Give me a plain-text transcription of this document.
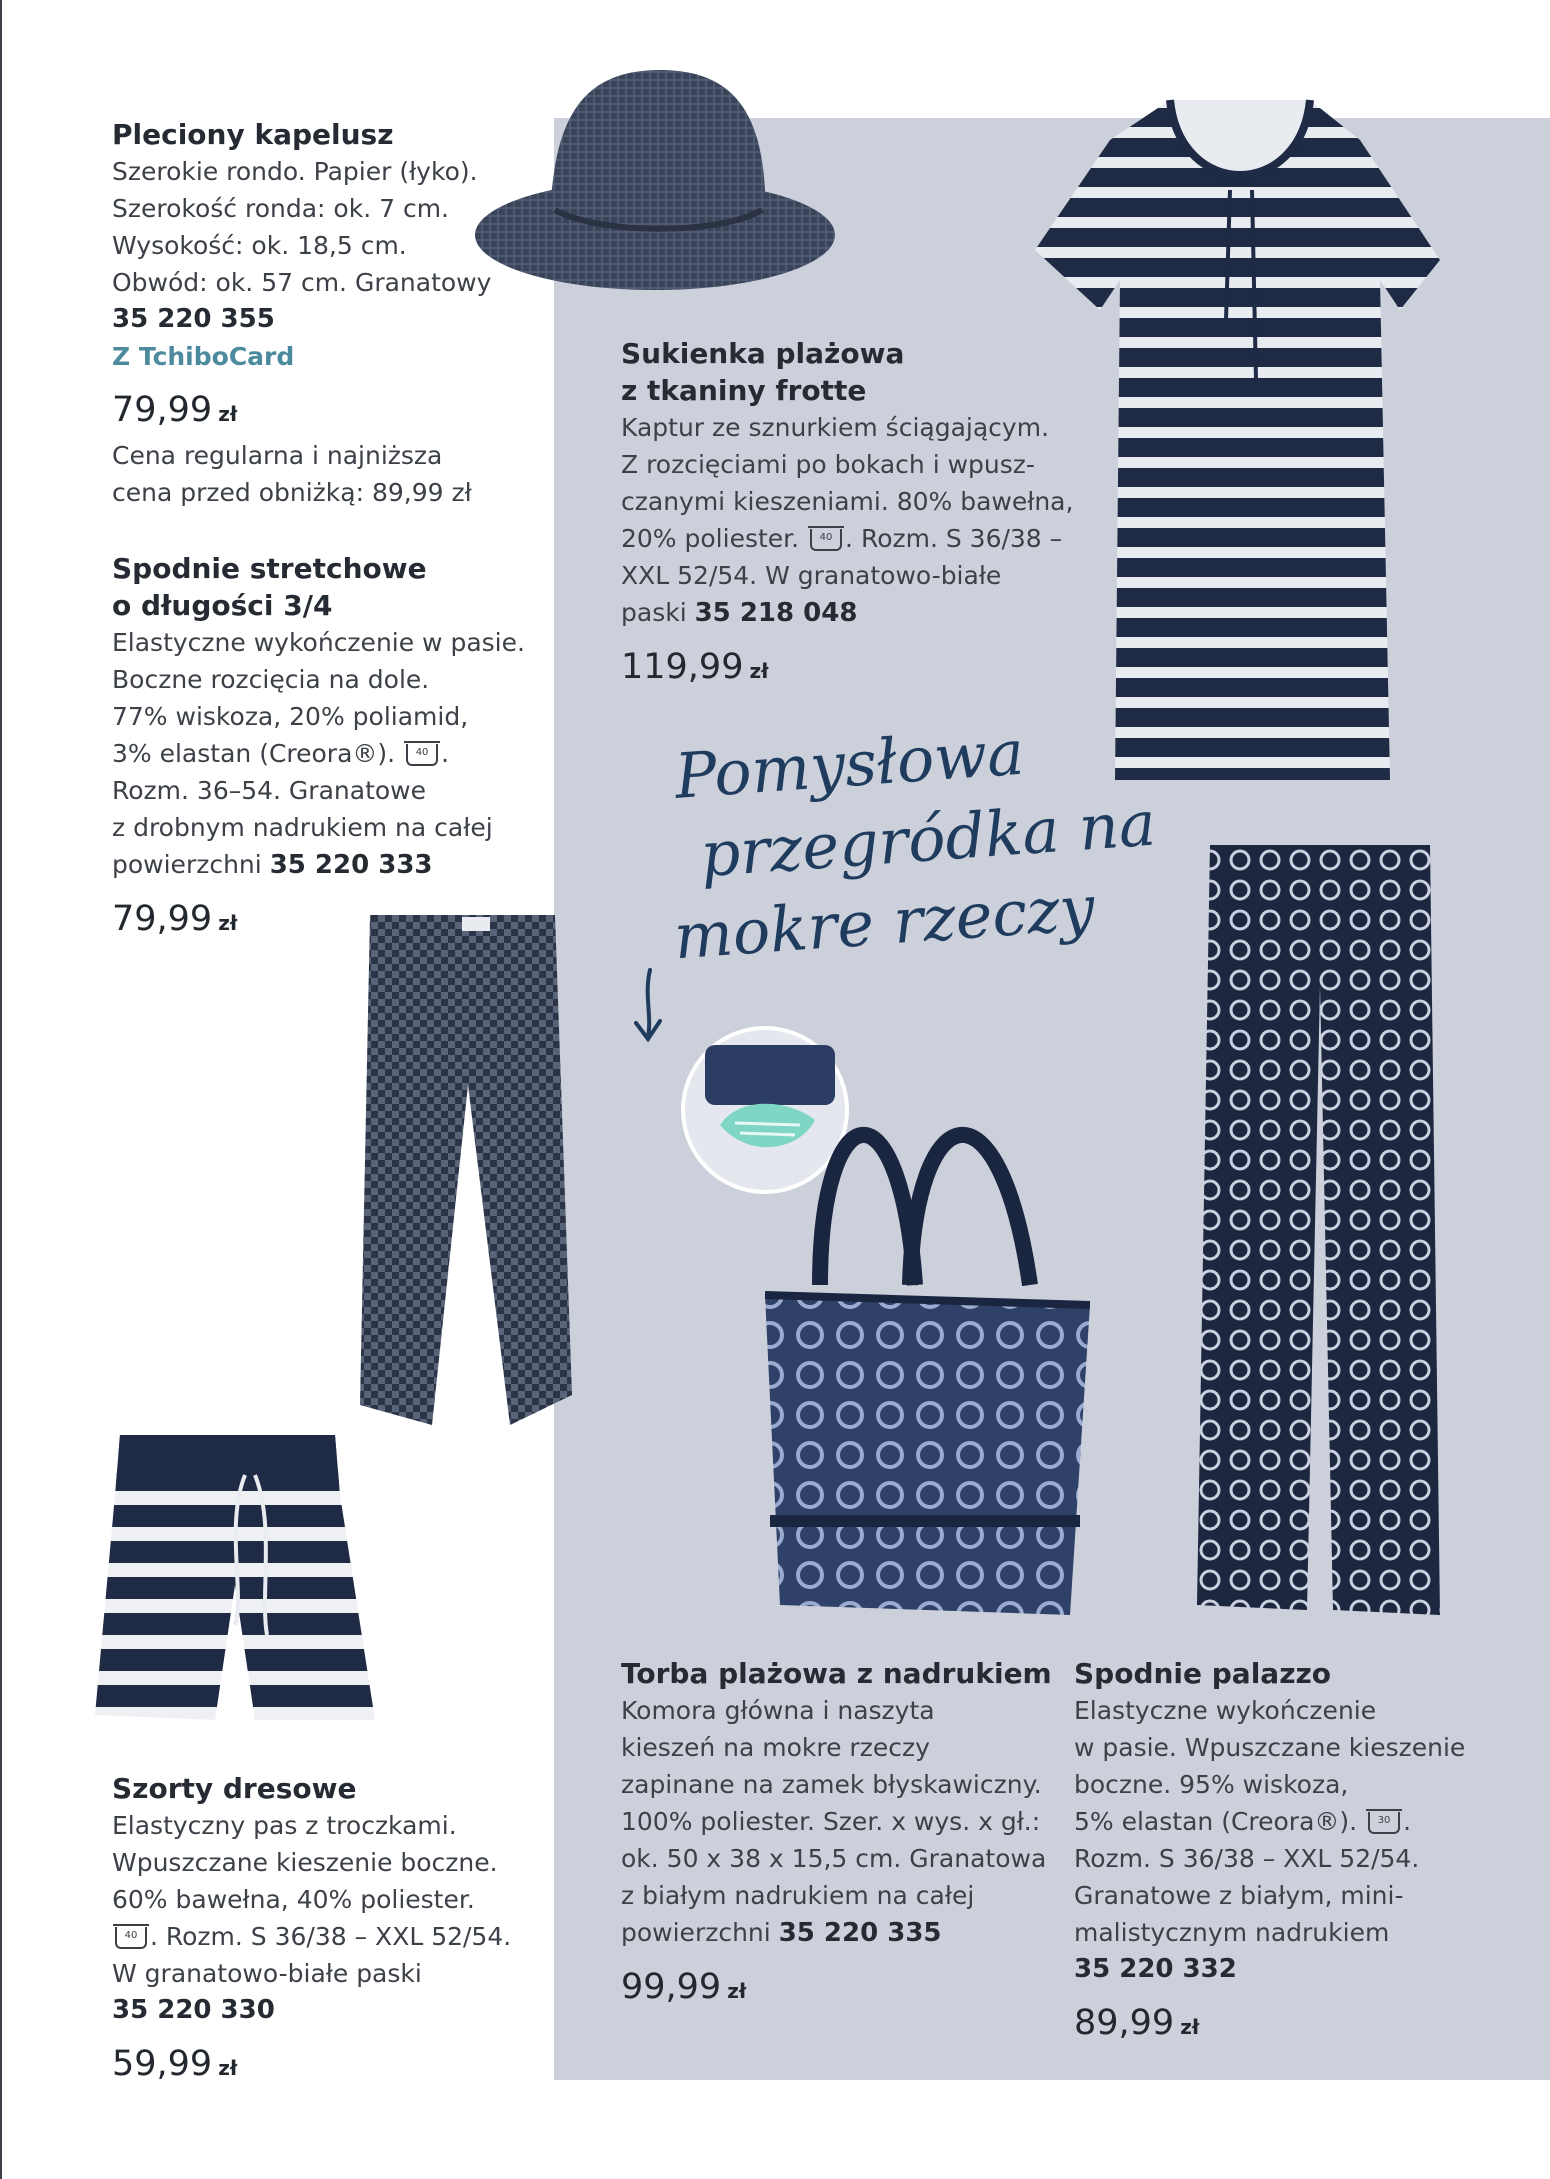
Pomysłowa
przegródka na
mokre rzeczy
Pleciony kapelusz
Szerokie rondo. Papier (łyko).
Szerokość ronda: ok. 7 cm.
Wysokość: ok. 18,5 cm.
Obwód: ok. 57 cm. Granatowy
35 220 355
Z TchiboCard
79,99 zł
Cena regularna i najniższa
cena przed obniżką: 89,99 zł
Spodnie stretchowe
o długości 3/4
Elastyczne wykończenie w pasie.
Boczne rozcięcia na dole.
77% wiskoza, 20% poliamid,
3% elastan (Creora®). 40 .
Rozm. 36–54. Granatowe
z drobnym nadrukiem na całej
powierzchni 35 220 333
79,99 zł
Sukienka plażowa
z tkaniny frotte
Kaptur ze sznurkiem ściągającym.
Z rozcięciami po bokach i wpusz-
czanymi kieszeniami. 80% bawełna,
20% poliester. 40 . Rozm. S 36/38 –
XXL 52/54. W granatowo-białe
paski 35 218 048
119,99 zł
Szorty dresowe
Elastyczny pas z troczkami.
Wpuszczane kieszenie boczne.
60% bawełna, 40% poliester.
40 . Rozm. S 36/38 – XXL 52/54.
W granatowo-białe paski
35 220 330
59,99 zł
Torba plażowa z nadrukiem
Komora główna i naszyta
kieszeń na mokre rzeczy
zapinane na zamek błyskawiczny.
100% poliester. Szer. x wys. x gł.:
ok. 50 x 38 x 15,5 cm. Granatowa
z białym nadrukiem na całej
powierzchni 35 220 335
99,99 zł
Spodnie palazzo
Elastyczne wykończenie
w pasie. Wpuszczane kieszenie
boczne. 95% wiskoza,
5% elastan (Creora®). 30 .
Rozm. S 36/38 – XXL 52/54.
Granatowe z białym, mini-
malistycznym nadrukiem
35 220 332
89,99 zł
